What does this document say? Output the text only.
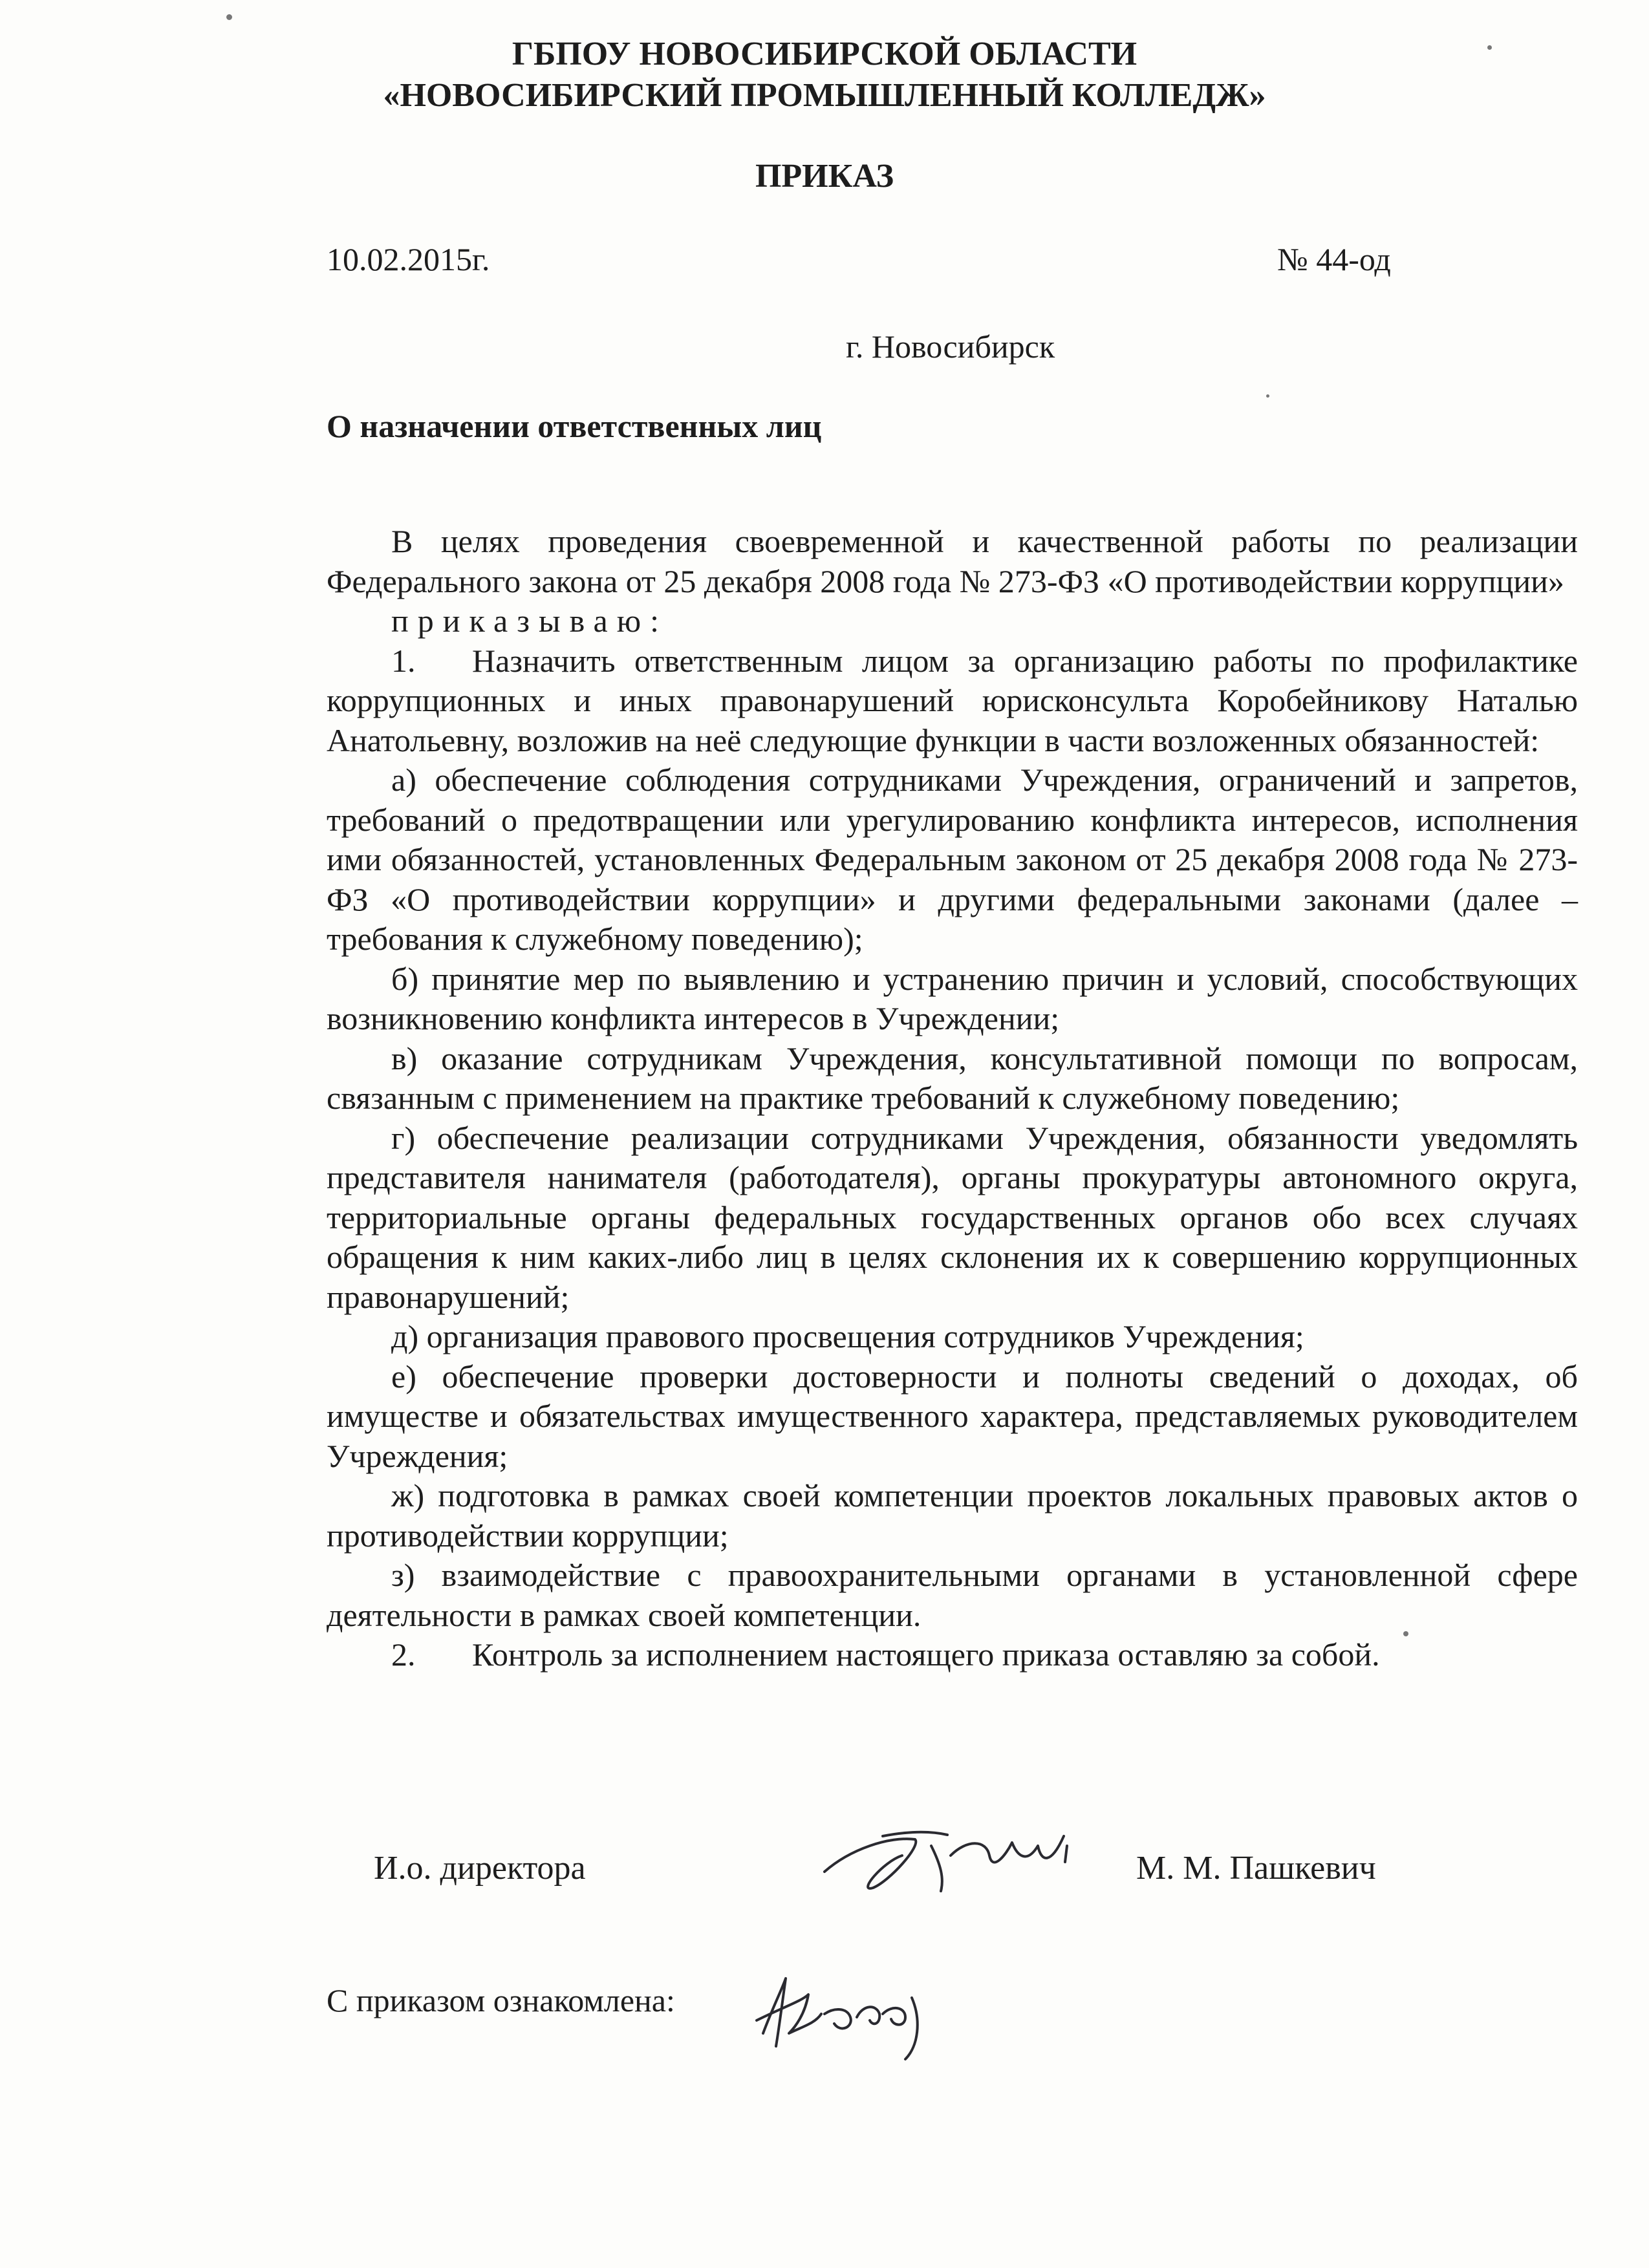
ГБПОУ НОВОСИБИРСКОЙ ОБЛАСТИ
«НОВОСИБИРСКИЙ ПРОМЫШЛЕННЫЙ КОЛЛЕДЖ»
ПРИКАЗ
10.02.2015г.	№ 44-од
г. Новосибирск
О назначении ответственных лиц

В целях проведения своевременной и качественной работы по реализации Федерального закона от 25 декабря 2008 года № 273-ФЗ «О противодействии коррупции»

приказываю:

1. Назначить ответственным лицом за организацию работы по профилактике коррупционных и иных правонарушений юрисконсульта Коробейникову Наталью Анатольевну, возложив на неё следующие функции в части возложенных обязанностей:

а) обеспечение соблюдения сотрудниками Учреждения, ограничений и запретов, требований о предотвращении или урегулированию конфликта интересов, исполнения ими обязанностей, установленных Федеральным законом от 25 декабря 2008 года № 273-ФЗ «О противодействии коррупции» и другими федеральными законами (далее – требования к служебному поведению);

б) принятие мер по выявлению и устранению причин и условий, способствующих возникновению конфликта интересов в Учреждении;

в) оказание сотрудникам Учреждения, консультативной помощи по вопросам, связанным с применением на практике требований к служебному поведению;

г) обеспечение реализации сотрудниками Учреждения, обязанности уведомлять представителя нанимателя (работодателя), органы прокуратуры автономного округа, территориальные органы федеральных государственных органов обо всех случаях обращения к ним каких-либо лиц в целях склонения их к совершению коррупционных правонарушений;

д) организация правового просвещения сотрудников Учреждения;

е) обеспечение проверки достоверности и полноты сведений о доходах, об имуществе и обязательствах имущественного характера, представляемых руководителем Учреждения;

ж) подготовка в рамках своей компетенции проектов локальных правовых актов о противодействии коррупции;

з) взаимодействие с правоохранительными органами в установленной сфере деятельности в рамках своей компетенции.

2. Контроль за исполнением настоящего приказа оставляю за собой.

И.о. директора	М. М. Пашкевич
С приказом ознакомлена:
